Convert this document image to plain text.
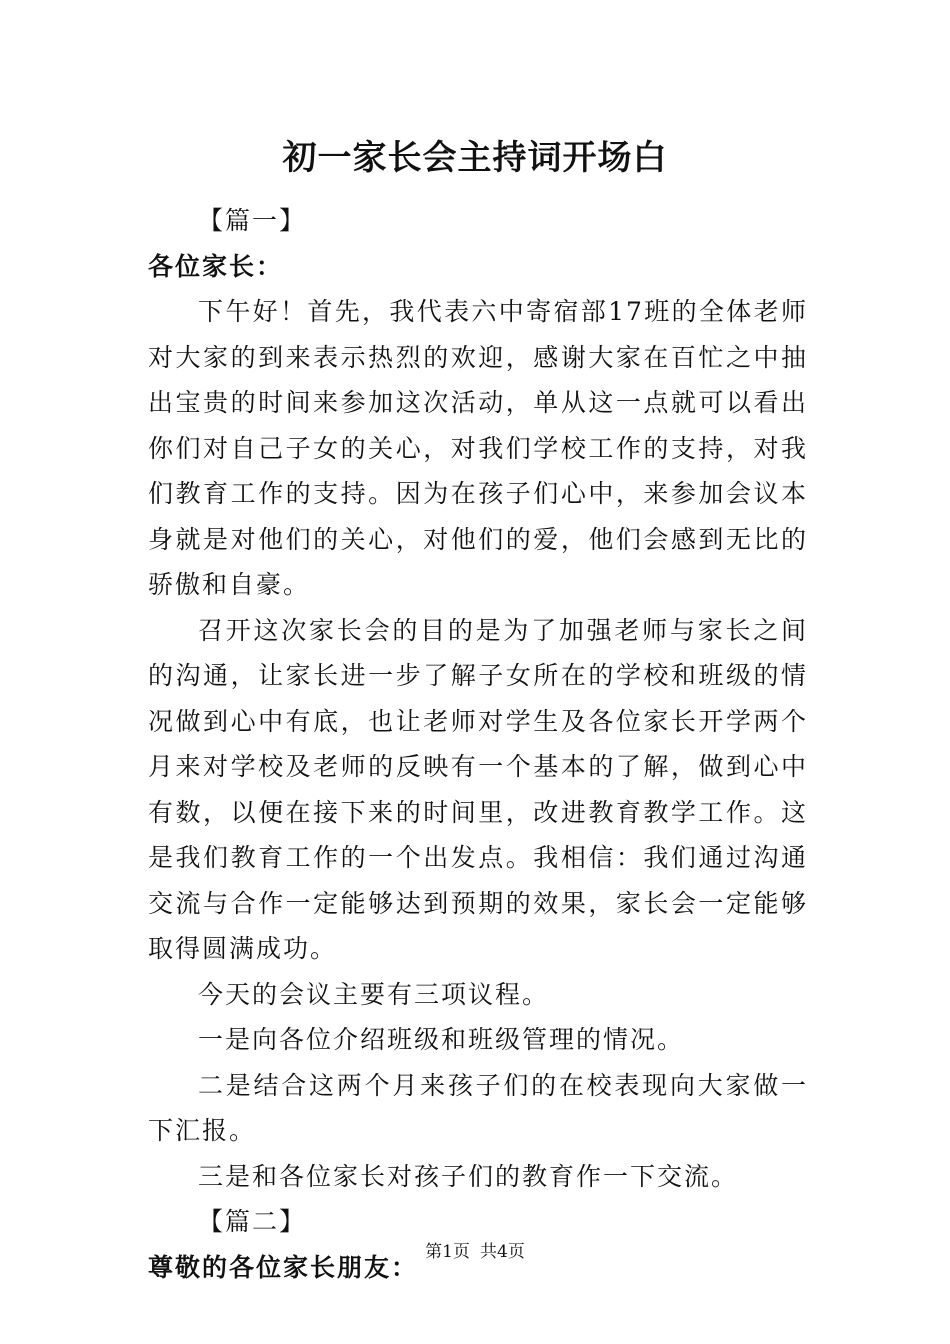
初一家长会主持词开场白

【篇一】

各位家长：

下午好！首先，我代表六中寄宿部17班的全体老师对大家的到来表示热烈的欢迎，感谢大家在百忙之中抽出宝贵的时间来参加这次活动，单从这一点就可以看出你们对自己子女的关心，对我们学校工作的支持，对我们教育工作的支持。因为在孩子们心中，来参加会议本身就是对他们的关心，对他们的爱，他们会感到无比的骄傲和自豪。

召开这次家长会的目的是为了加强老师与家长之间的沟通，让家长进一步了解子女所在的学校和班级的情况做到心中有底，也让老师对学生及各位家长开学两个月来对学校及老师的反映有一个基本的了解，做到心中有数，以便在接下来的时间里，改进教育教学工作。这是我们教育工作的一个出发点。我相信：我们通过沟通交流与合作一定能够达到预期的效果，家长会一定能够取得圆满成功。

今天的会议主要有三项议程。

一是向各位介绍班级和班级管理的情况。

二是结合这两个月来孩子们的在校表现向大家做一下汇报。

三是和各位家长对孩子们的教育作一下交流。

【篇二】

尊敬的各位家长朋友：

第1页 共4页
